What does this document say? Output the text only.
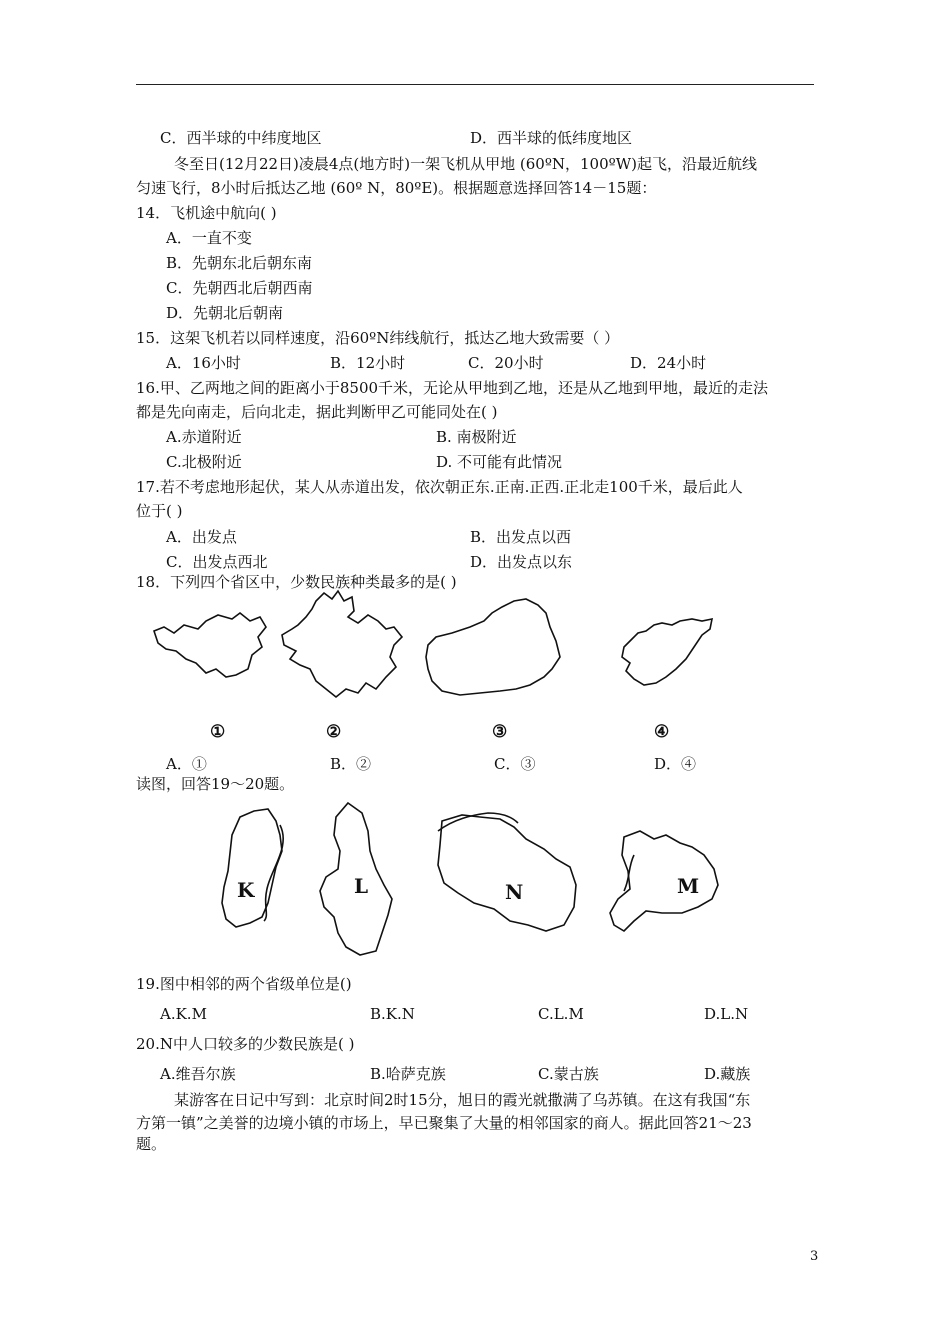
C．西半球的中纬度地区	D．西半球的低纬度地区
冬至日(12月22日)凌晨4点(地方时)一架飞机从甲地 (60ºN，100ºW)起飞，沿最近航线
匀速飞行，8小时后抵达乙地 (60º N，80ºE)。根据题意选择回答14－15题：
14．飞机途中航向( )
A．一直不变
B．先朝东北后朝东南
C．先朝西北后朝西南
D．先朝北后朝南
15．这架飞机若以同样速度，沿60ºN纬线航行，抵达乙地大致需要（ ）
A．16小时	B．12小时	C．20小时	D．24小时
16.甲、乙两地之间的距离小于8500千米，无论从甲地到乙地，还是从乙地到甲地，最近的走法
都是先向南走，后向北走，据此判断甲乙可能同处在( )
A.赤道附近	B. 南极附近
C.北极附近	D. 不可能有此情况
17.若不考虑地形起伏，某人从赤道出发，依次朝正东.正南.正西.正北走100千米，最后此人
位于( )
A．出发点	B．出发点以西
C．出发点西北	D．出发点以东
18．下列四个省区中，少数民族种类最多的是( )
①	②	③	④
A．①	B．②	C．③	D．④
读图，回答19～20题。
K	L	N	M
19.图中相邻的两个省级单位是()
A.K.M	B.K.N	C.L.M	D.L.N
20.N中人口较多的少数民族是( )
A.维吾尔族	B.哈萨克族	C.蒙古族	D.藏族
某游客在日记中写到：北京时间2时15分，旭日的霞光就撒满了乌苏镇。在这有我国“东
方第一镇”之美誉的边境小镇的市场上，早已聚集了大量的相邻国家的商人。据此回答21～23
题。
3
